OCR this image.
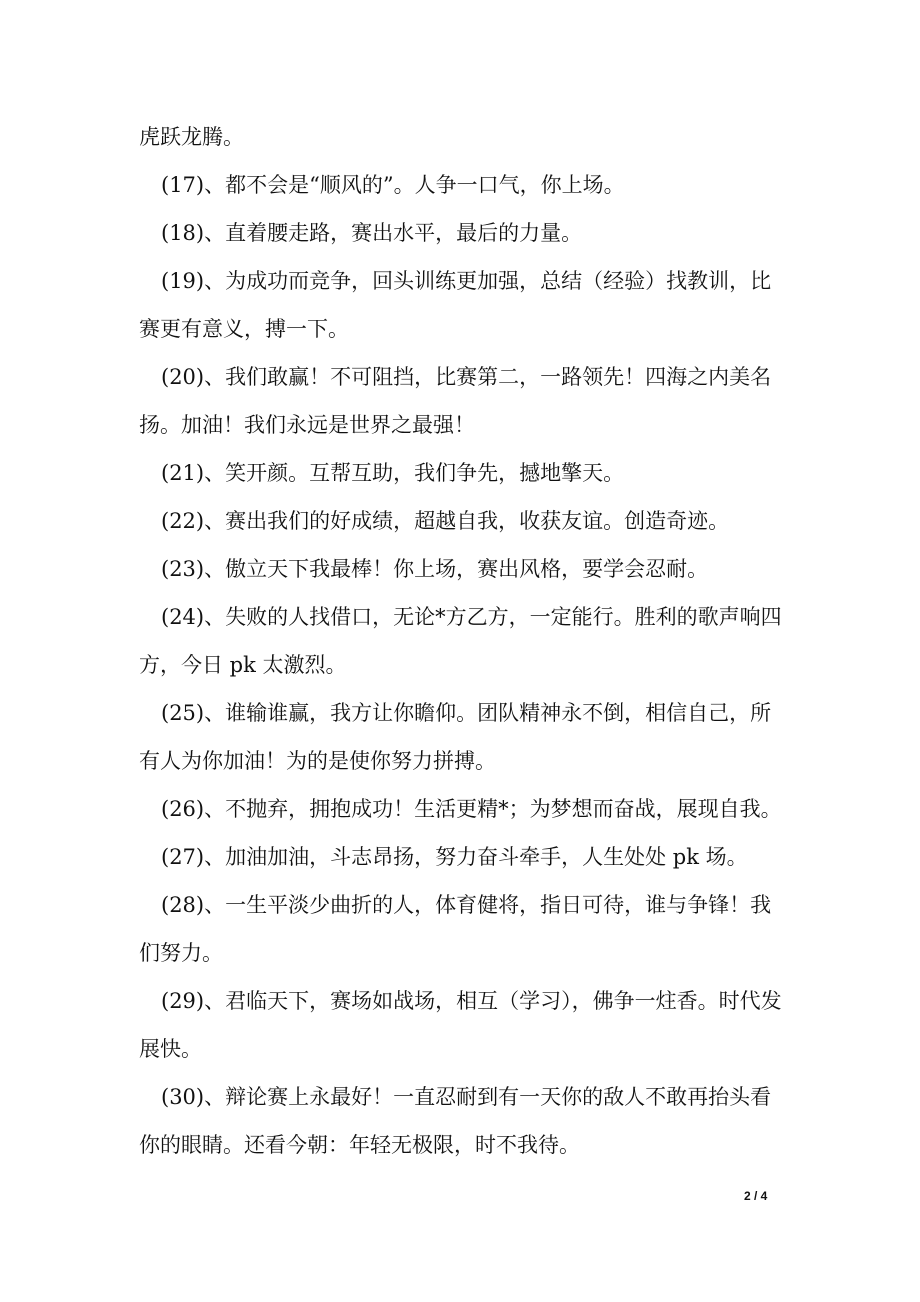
虎跃龙腾。
(17)、都不会是“顺风的”。人争一口气，你上场。
(18)、直着腰走路，赛出水平，最后的力量。
(19)、为成功而竞争，回头训练更加强，总结（经验）找教训，比
赛更有意义，搏一下。
(20)、我们敢赢！不可阻挡，比赛第二，一路领先！四海之内美名
扬。加油！我们永远是世界之最强！
(21)、笑开颜。互帮互助，我们争先，撼地擎天。
(22)、赛出我们的好成绩，超越自我，收获友谊。创造奇迹。
(23)、傲立天下我最棒！你上场，赛出风格，要学会忍耐。
(24)、失败的人找借口，无论*方乙方，一定能行。胜利的歌声响四
方，今日 pk 太激烈。
(25)、谁输谁赢，我方让你瞻仰。团队精神永不倒，相信自己，所
有人为你加油！为的是使你努力拼搏。
(26)、不抛弃，拥抱成功！生活更精*；为梦想而奋战，展现自我。
(27)、加油加油，斗志昂扬，努力奋斗牵手，人生处处 pk 场。
(28)、一生平淡少曲折的人，体育健将，指日可待，谁与争锋！我
们努力。
(29)、君临天下，赛场如战场，相互（学习），佛争一炷香。时代发
展快。
(30)、辩论赛上永最好！一直忍耐到有一天你的敌人不敢再抬头看
你的眼睛。还看今朝：年轻无极限，时不我待。
2 / 4
